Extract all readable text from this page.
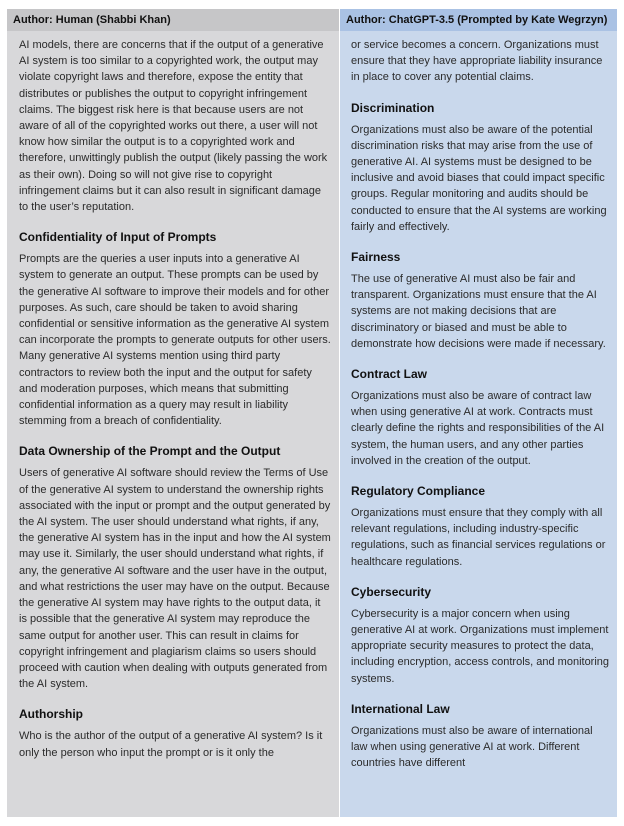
Author: Human (Shabbi Khan)

AI models, there are concerns that if the output of a generative AI system is too similar to a copyrighted work, the output may violate copyright laws and therefore, expose the entity that distributes or publishes the output to copyright infringement claims. The biggest risk here is that because users are not aware of all of the copyrighted works out there, a user will not know how similar the output is to a copyrighted work and therefore, unwittingly publish the output (likely passing the work as their own). Doing so will not give rise to copyright infringement claims but it can also result in significant damage to the user’s reputation.

Confidentiality of Input of Prompts

Prompts are the queries a user inputs into a generative AI system to generate an output. These prompts can be used by the generative AI software to improve their models and for other purposes. As such, care should be taken to avoid sharing confidential or sensitive information as the generative AI system can incorporate the prompts to generate outputs for other users. Many generative AI systems mention using third party contractors to review both the input and the output for safety and moderation purposes, which means that submitting confidential information as a query may result in liability stemming from a breach of confidentiality.

Data Ownership of the Prompt and the Output

Users of generative AI software should review the Terms of Use of the generative AI system to understand the ownership rights associated with the input or prompt and the output generated by the AI system. The user should understand what rights, if any, the generative AI system has in the input and how the AI system may use it. Similarly, the user should understand what rights, if any, the generative AI software and the user have in the output, and what restrictions the user may have on the output. Because the generative AI system may have rights to the output data, it is possible that the generative AI system may reproduce the same output for another user. This can result in claims for copyright infringement and plagiarism claims so users should proceed with caution when dealing with outputs generated from the AI system.

Authorship

Who is the author of the output of a generative AI system? Is it only the person who input the prompt or is it only the

Author: ChatGPT-3.5 (Prompted by Kate Wegrzyn)

or service becomes a concern. Organizations must ensure that they have appropriate liability insurance in place to cover any potential claims.

Discrimination

Organizations must also be aware of the potential discrimination risks that may arise from the use of generative AI. AI systems must be designed to be inclusive and avoid biases that could impact specific groups. Regular monitoring and audits should be conducted to ensure that the AI systems are working fairly and effectively.

Fairness

The use of generative AI must also be fair and transparent. Organizations must ensure that the AI systems are not making decisions that are discriminatory or biased and must be able to demonstrate how decisions were made if necessary.

Contract Law

Organizations must also be aware of contract law when using generative AI at work. Contracts must clearly define the rights and responsibilities of the AI system, the human users, and any other parties involved in the creation of the output.

Regulatory Compliance

Organizations must ensure that they comply with all relevant regulations, including industry-specific regulations, such as financial services regulations or healthcare regulations.

Cybersecurity

Cybersecurity is a major concern when using generative AI at work. Organizations must implement appropriate security measures to protect the data, including encryption, access controls, and monitoring systems.

International Law

Organizations must also be aware of international law when using generative AI at work. Different countries have different
